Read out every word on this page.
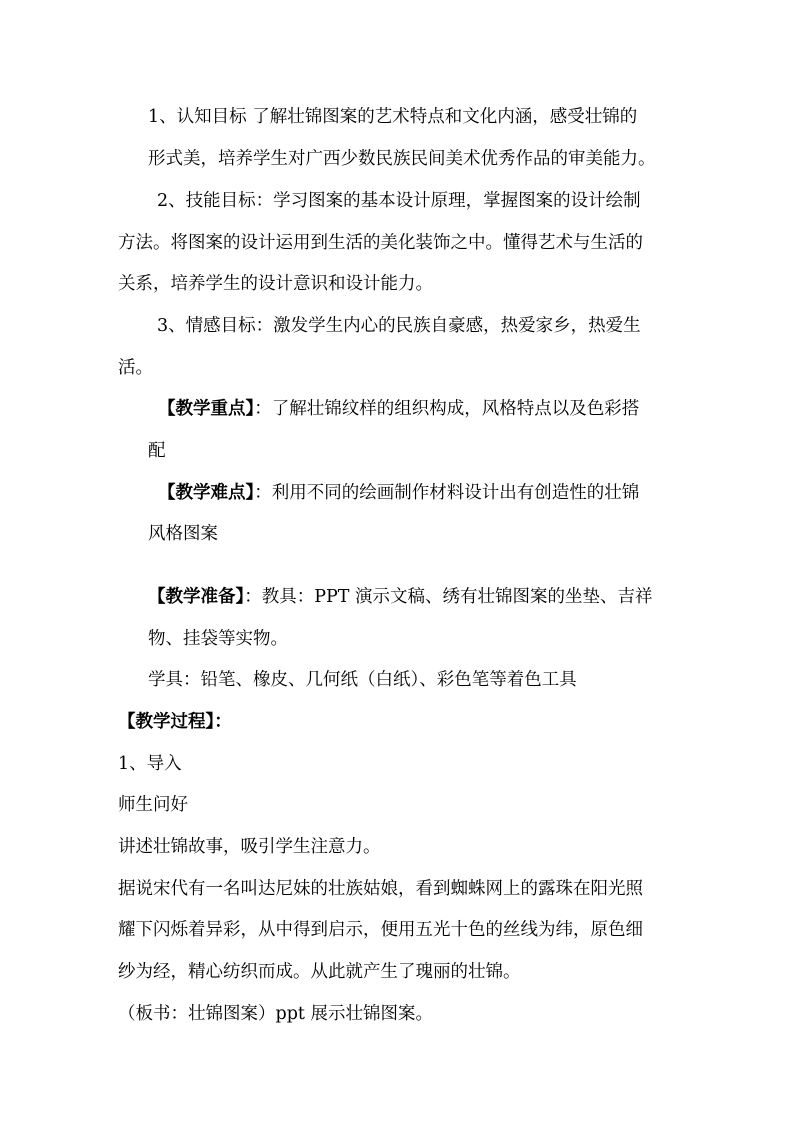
1、认知目标 了解壮锦图案的艺术特点和文化内涵，感受壮锦的

形式美，培养学生对广西少数民族民间美术优秀作品的审美能力。

2、技能目标：学习图案的基本设计原理，掌握图案的设计绘制

方法。将图案的设计运用到生活的美化装饰之中。懂得艺术与生活的

关系，培养学生的设计意识和设计能力。

3、情感目标：激发学生内心的民族自豪感，热爱家乡，热爱生

活。

【教学重点】：了解壮锦纹样的组织构成，风格特点以及色彩搭

配

【教学难点】：利用不同的绘画制作材料设计出有创造性的壮锦

风格图案

【教学准备】：教具：PPT 演示文稿、绣有壮锦图案的坐垫、吉祥

物、挂袋等实物。

学具：铅笔、橡皮、几何纸（白纸）、彩色笔等着色工具

【教学过程】：

1、导入

师生问好

讲述壮锦故事，吸引学生注意力。

据说宋代有一名叫达尼妹的壮族姑娘，看到蜘蛛网上的露珠在阳光照

耀下闪烁着异彩，从中得到启示，便用五光十色的丝线为纬，原色细

纱为经，精心纺织而成。从此就产生了瑰丽的壮锦。

（板书：壮锦图案）ppt 展示壮锦图案。
